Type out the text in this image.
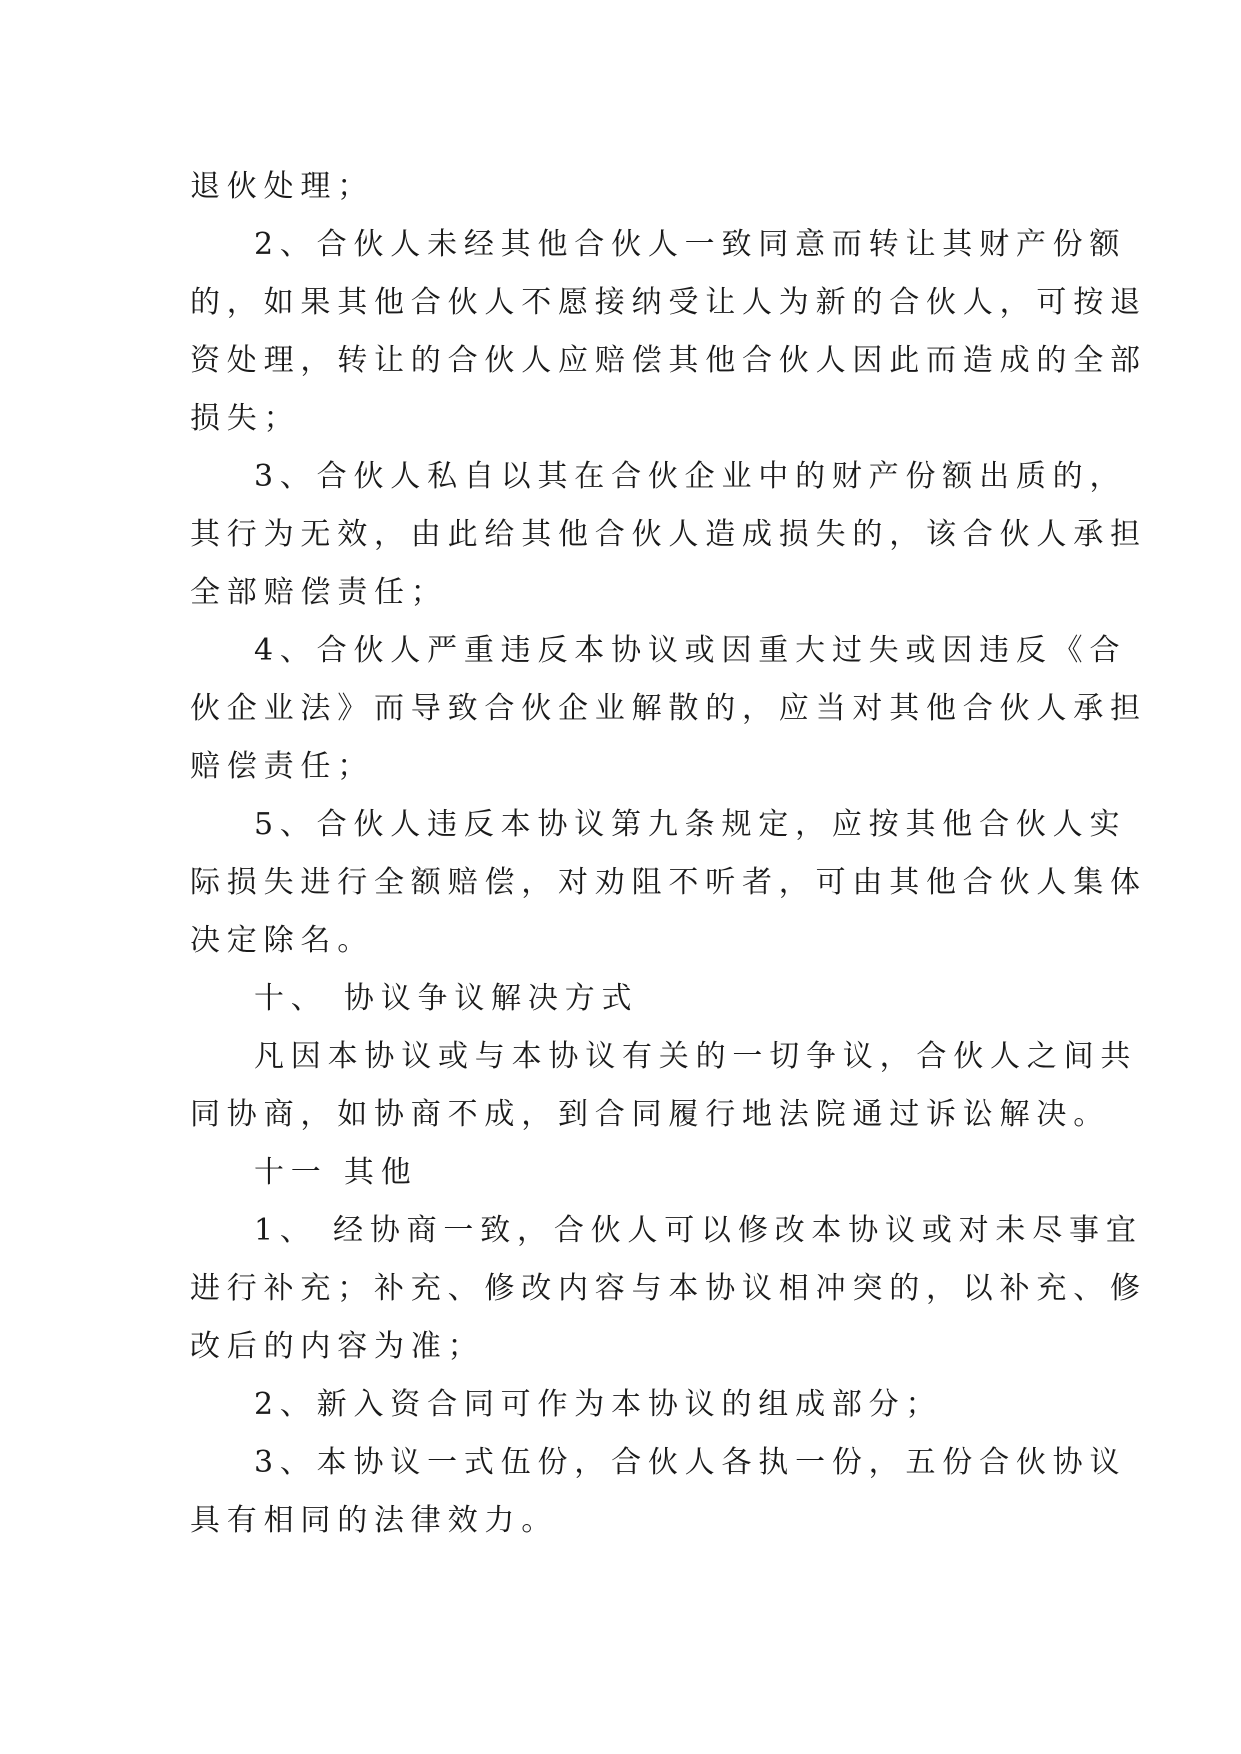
退伙处理；
2、合伙人未经其他合伙人一致同意而转让其财产份额
的，如果其他合伙人不愿接纳受让人为新的合伙人，可按退
资处理，转让的合伙人应赔偿其他合伙人因此而造成的全部
损失；
3、合伙人私自以其在合伙企业中的财产份额出质的，
其行为无效，由此给其他合伙人造成损失的，该合伙人承担
全部赔偿责任；
4、合伙人严重违反本协议或因重大过失或因违反《合
伙企业法》而导致合伙企业解散的，应当对其他合伙人承担
赔偿责任；
5、合伙人违反本协议第九条规定，应按其他合伙人实
际损失进行全额赔偿，对劝阻不听者，可由其他合伙人集体
决定除名。
十、 协议争议解决方式
凡因本协议或与本协议有关的一切争议，合伙人之间共
同协商，如协商不成，到合同履行地法院通过诉讼解决。
十一 其他
1、 经协商一致，合伙人可以修改本协议或对未尽事宜
进行补充；补充、修改内容与本协议相冲突的，以补充、修
改后的内容为准；
2、新入资合同可作为本协议的组成部分；
3、本协议一式伍份，合伙人各执一份，五份合伙协议
具有相同的法律效力。
